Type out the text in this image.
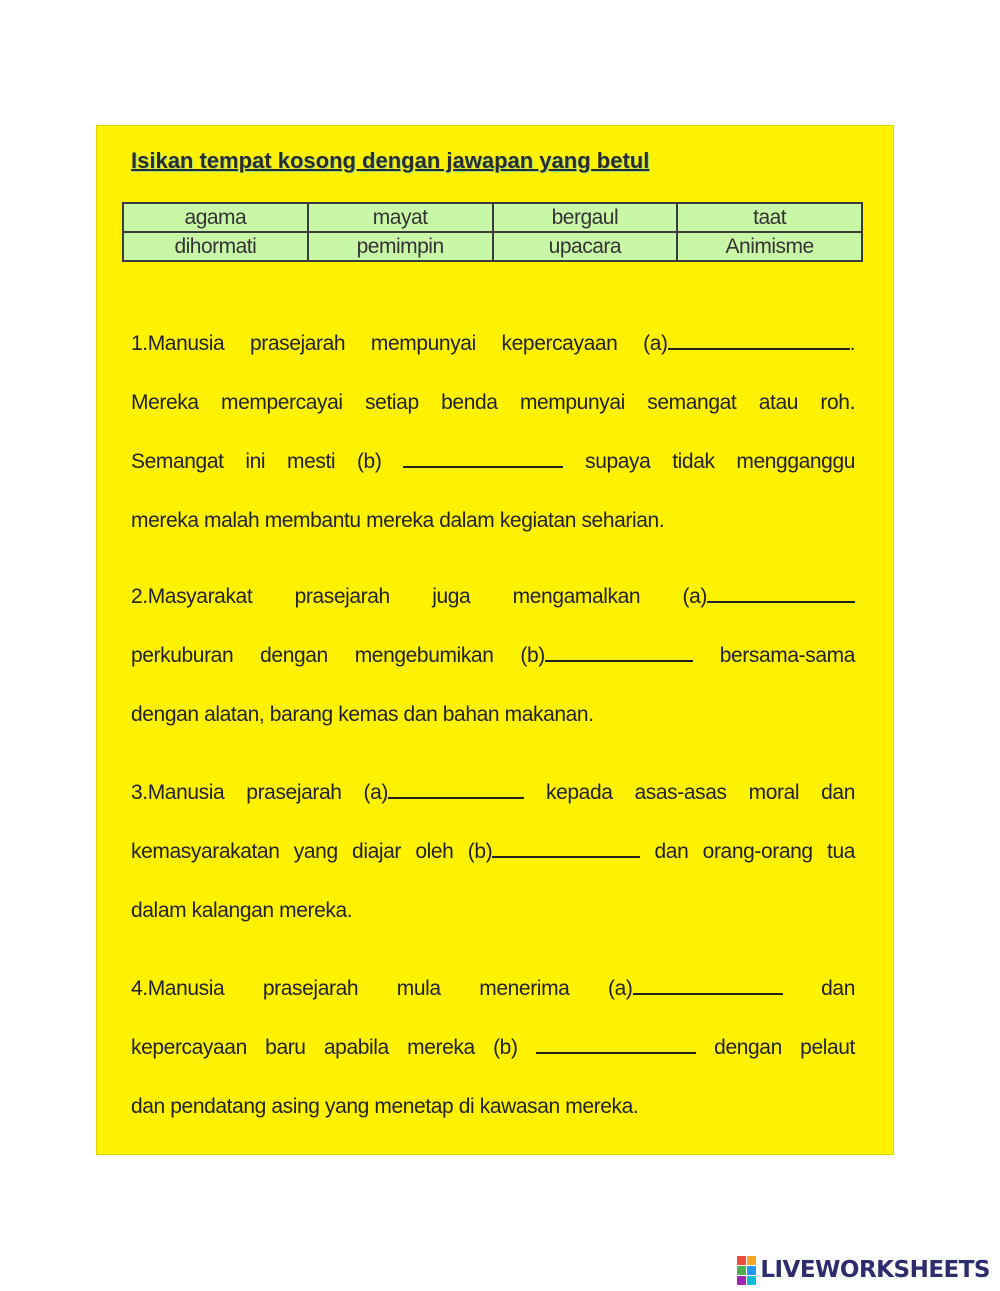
Isikan tempat kosong dengan jawapan yang betul
agama	mayat	bergaul	taat
dihormati	pemimpin	upacara	Animisme
1.Manusia prasejarah mempunyai kepercayaan (a)	.
Mereka mempercayai setiap benda mempunyai semangat atau roh.
Semangat ini mesti (b)	supaya tidak mengganggu
mereka malah membantu mereka dalam kegiatan seharian.
2.Masyarakat prasejarah juga mengamalkan (a)
perkuburan dengan mengebumikan (b)	bersama-sama
dengan alatan, barang kemas dan bahan makanan.
3.Manusia prasejarah (a)	kepada asas-asas moral dan
kemasyarakatan yang diajar oleh (b)	dan orang-orang tua
dalam kalangan mereka.
4.Manusia prasejarah mula menerima (a)	dan
kepercayaan baru apabila mereka (b)	dengan pelaut
dan pendatang asing yang menetap di kawasan mereka.
LIVEWORKSHEETS
